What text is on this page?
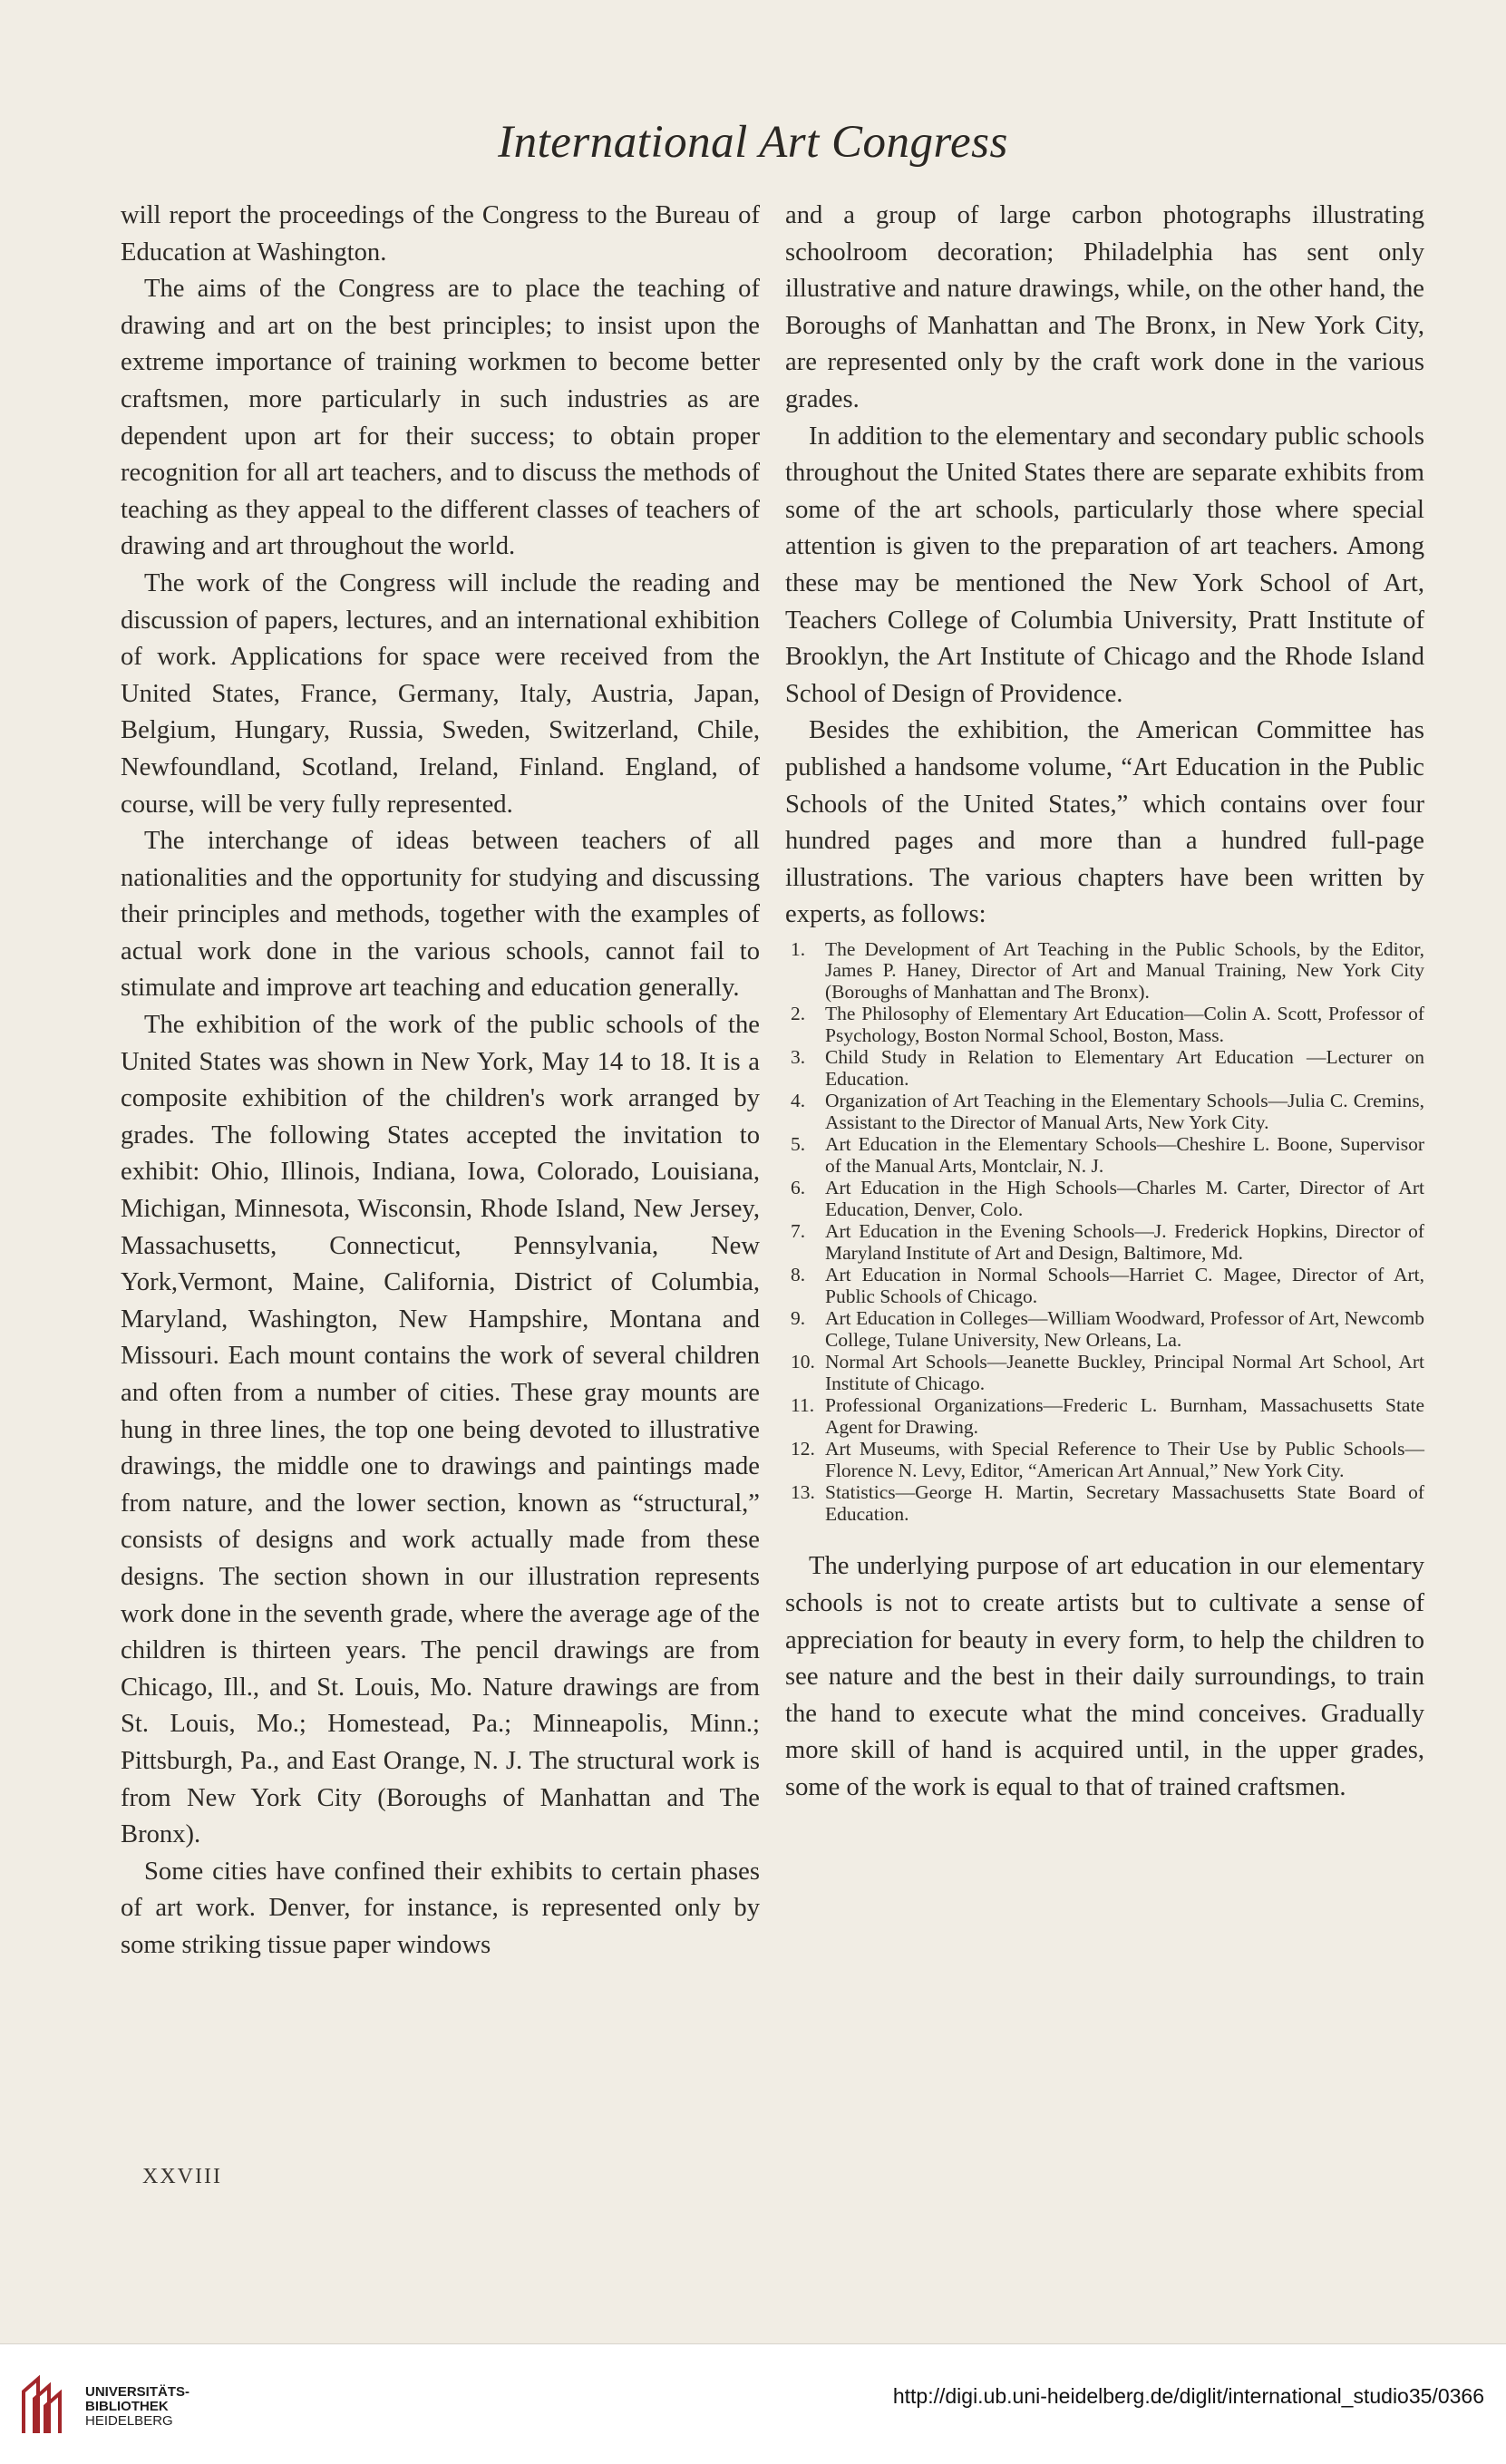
International Art Congress

will report the proceedings of the Congress to the Bureau of Education at Washington.

The aims of the Congress are to place the teaching of drawing and art on the best principles; to insist upon the extreme importance of training workmen to become better craftsmen, more particularly in such industries as are dependent upon art for their success; to obtain proper recognition for all art teachers, and to discuss the methods of teaching as they appeal to the different classes of teachers of drawing and art throughout the world.

The work of the Congress will include the reading and discussion of papers, lectures, and an international exhibition of work. Applications for space were received from the United States, France, Germany, Italy, Austria, Japan, Belgium, Hungary, Russia, Sweden, Switzerland, Chile, Newfoundland, Scotland, Ireland, Finland. England, of course, will be very fully represented.

The interchange of ideas between teachers of all nationalities and the opportunity for studying and discussing their principles and methods, together with the examples of actual work done in the various schools, cannot fail to stimulate and improve art teaching and education generally.

The exhibition of the work of the public schools of the United States was shown in New York, May 14 to 18. It is a composite exhibition of the children's work arranged by grades. The following States accepted the invitation to exhibit: Ohio, Illinois, Indiana, Iowa, Colorado, Louisiana, Michigan, Minnesota, Wisconsin, Rhode Island, New Jersey, Massachusetts, Connecticut, Pennsylvania, New York,Vermont, Maine, California, District of Columbia, Maryland, Washington, New Hampshire, Montana and Missouri. Each mount contains the work of several children and often from a number of cities. These gray mounts are hung in three lines, the top one being devoted to illustrative drawings, the middle one to drawings and paintings made from nature, and the lower section, known as “structural,” consists of designs and work actually made from these designs. The section shown in our illustration represents work done in the seventh grade, where the average age of the children is thirteen years. The pencil drawings are from Chicago, Ill., and St. Louis, Mo. Nature drawings are from St. Louis, Mo.; Homestead, Pa.; Minneapolis, Minn.; Pittsburgh, Pa., and East Orange, N. J. The structural work is from New York City (Boroughs of Manhattan and The Bronx).

Some cities have confined their exhibits to certain phases of art work. Denver, for instance, is represented only by some striking tissue paper windows

and a group of large carbon photographs illustrating schoolroom decoration; Philadelphia has sent only illustrative and nature drawings, while, on the other hand, the Boroughs of Manhattan and The Bronx, in New York City, are represented only by the craft work done in the various grades.

In addition to the elementary and secondary public schools throughout the United States there are separate exhibits from some of the art schools, particularly those where special attention is given to the preparation of art teachers. Among these may be mentioned the New York School of Art, Teachers College of Columbia University, Pratt Institute of Brooklyn, the Art Institute of Chicago and the Rhode Island School of Design of Providence.

Besides the exhibition, the American Committee has published a handsome volume, “Art Education in the Public Schools of the United States,” which contains over four hundred pages and more than a hundred full-page illustrations. The various chapters have been written by experts, as follows:

1. The Development of Art Teaching in the Public Schools, by the Editor, James P. Haney, Director of Art and Manual Training, New York City (Boroughs of Manhattan and The Bronx).
2. The Philosophy of Elementary Art Education—Colin A. Scott, Professor of Psychology, Boston Normal School, Boston, Mass.
3. Child Study in Relation to Elementary Art Education —Lecturer on Education.
4. Organization of Art Teaching in the Elementary Schools—Julia C. Cremins, Assistant to the Director of Manual Arts, New York City.
5. Art Education in the Elementary Schools—Cheshire L. Boone, Supervisor of the Manual Arts, Montclair, N. J.
6. Art Education in the High Schools—Charles M. Carter, Director of Art Education, Denver, Colo.
7. Art Education in the Evening Schools—J. Frederick Hopkins, Director of Maryland Institute of Art and Design, Baltimore, Md.
8. Art Education in Normal Schools—Harriet C. Magee, Director of Art, Public Schools of Chicago.
9. Art Education in Colleges—William Woodward, Professor of Art, Newcomb College, Tulane University, New Orleans, La.
10. Normal Art Schools—Jeanette Buckley, Principal Normal Art School, Art Institute of Chicago.
11. Professional Organizations—Frederic L. Burnham, Massachusetts State Agent for Drawing.
12. Art Museums, with Special Reference to Their Use by Public Schools—Florence N. Levy, Editor, “American Art Annual,” New York City.
13. Statistics—George H. Martin, Secretary Massachusetts State Board of Education.

The underlying purpose of art education in our elementary schools is not to create artists but to cultivate a sense of appreciation for beauty in every form, to help the children to see nature and the best in their daily surroundings, to train the hand to execute what the mind conceives. Gradually more skill of hand is acquired until, in the upper grades, some of the work is equal to that of trained craftsmen.

XXVIII
UNIVERSITÄTS-
BIBLIOTHEK
HEIDELBERG
http://digi.ub.uni-heidelberg.de/diglit/international_studio35/0366
